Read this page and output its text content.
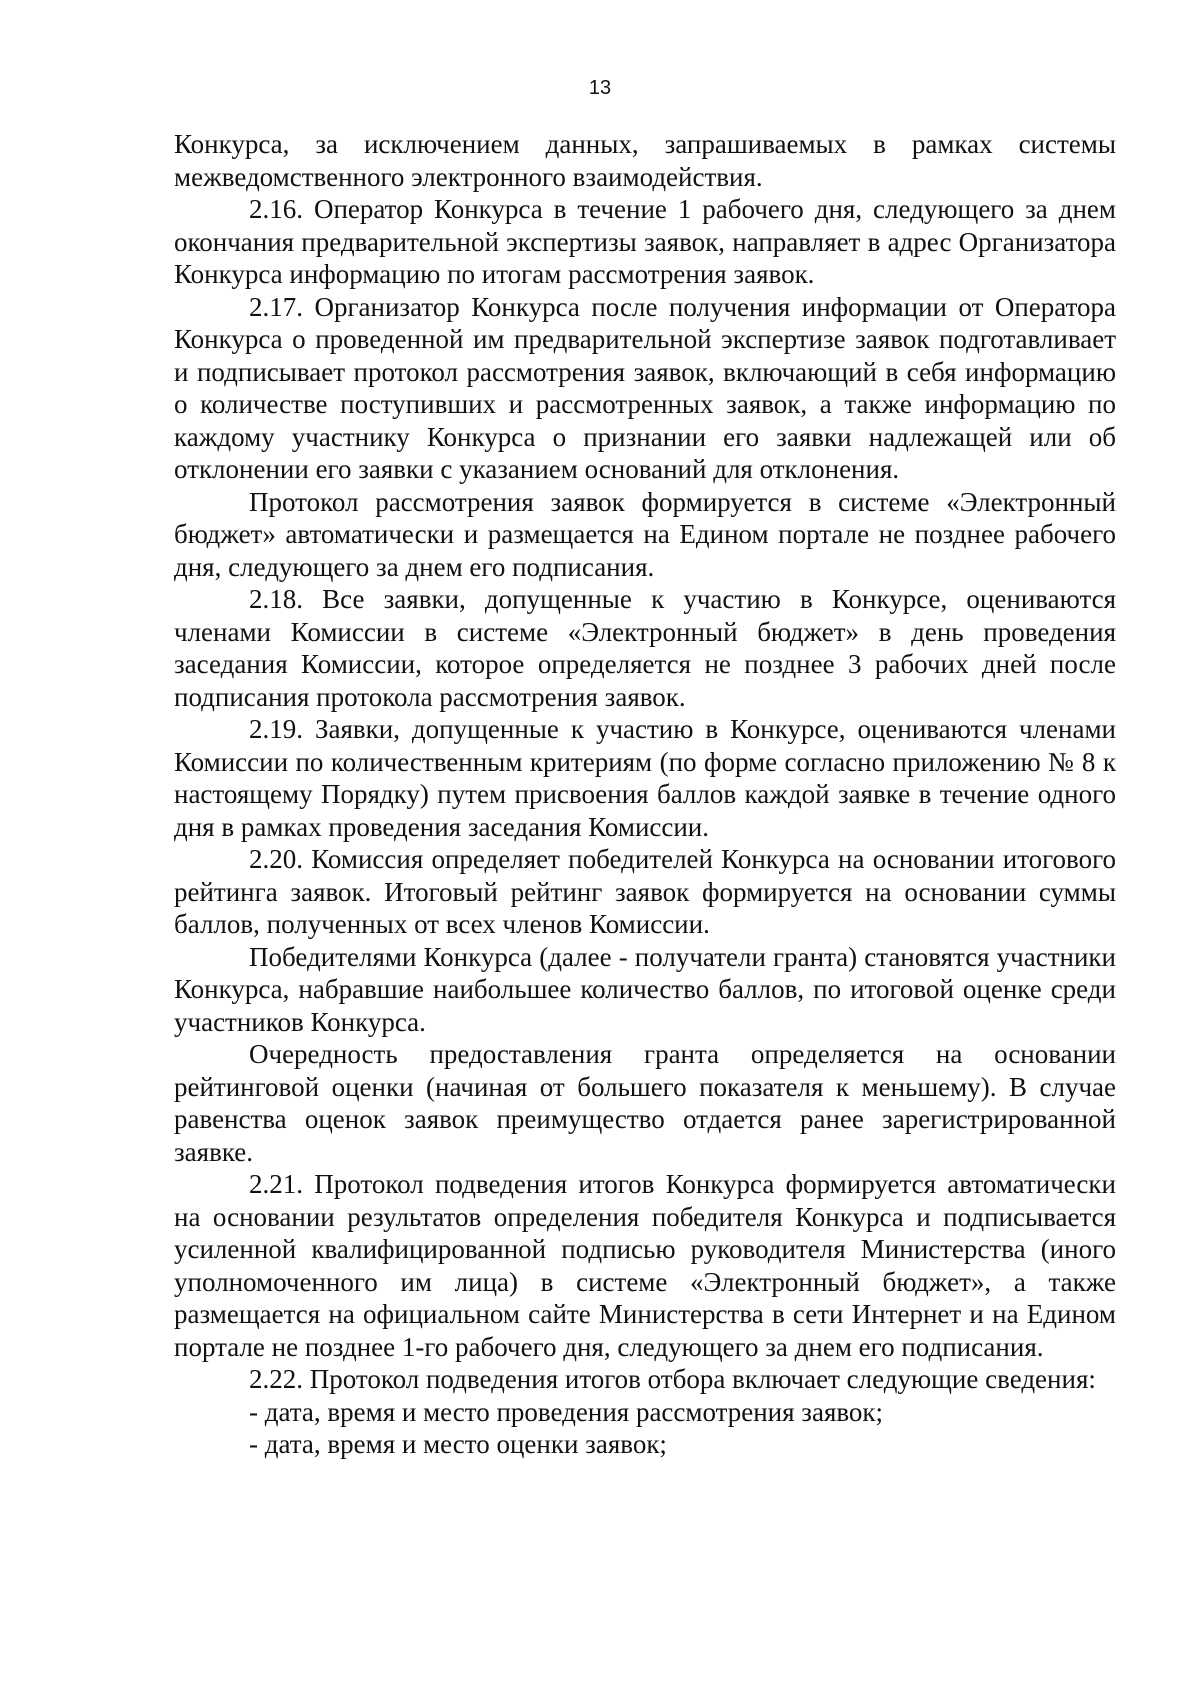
13

Конкурса, за исключением данных, запрашиваемых в рамках системы межведомственного электронного взаимодействия.

2.16. Оператор Конкурса в течение 1 рабочего дня, следующего за днем окончания предварительной экспертизы заявок, направляет в адрес Организатора Конкурса информацию по итогам рассмотрения заявок.

2.17. Организатор Конкурса после получения информации от Оператора Конкурса о проведенной им предварительной экспертизе заявок подготавливает и подписывает протокол рассмотрения заявок, включающий в себя информацию о количестве поступивших и рассмотренных заявок, а также информацию по каждому участнику Конкурса о признании его заявки надлежащей или об отклонении его заявки с указанием оснований для отклонения.

Протокол рассмотрения заявок формируется в системе «Электронный бюджет» автоматически и размещается на Едином портале не позднее рабочего дня, следующего за днем его подписания.

2.18. Все заявки, допущенные к участию в Конкурсе, оцениваются членами Комиссии в системе «Электронный бюджет» в день проведения заседания Комиссии, которое определяется не позднее 3 рабочих дней после подписания протокола рассмотрения заявок.

2.19. Заявки, допущенные к участию в Конкурсе, оцениваются членами Комиссии по количественным критериям (по форме согласно приложению № 8 к настоящему Порядку) путем присвоения баллов каждой заявке в течение одного дня в рамках проведения заседания Комиссии.

2.20. Комиссия определяет победителей Конкурса на основании итогового рейтинга заявок. Итоговый рейтинг заявок формируется на основании суммы баллов, полученных от всех членов Комиссии.

Победителями Конкурса (далее - получатели гранта) становятся участники Конкурса, набравшие наибольшее количество баллов, по итоговой оценке среди участников Конкурса.

Очередность предоставления гранта определяется на основании рейтинговой оценки (начиная от большего показателя к меньшему). В случае равенства оценок заявок преимущество отдается ранее зарегистрированной заявке.

2.21. Протокол подведения итогов Конкурса формируется автоматически на основании результатов определения победителя Конкурса и подписывается усиленной квалифицированной подписью руководителя Министерства (иного уполномоченного им лица) в системе «Электронный бюджет», а также размещается на официальном сайте Министерства в сети Интернет и на Едином портале не позднее 1-го рабочего дня, следующего за днем его подписания.

2.22. Протокол подведения итогов отбора включает следующие сведения:

- дата, время и место проведения рассмотрения заявок;

- дата, время и место оценки заявок;
